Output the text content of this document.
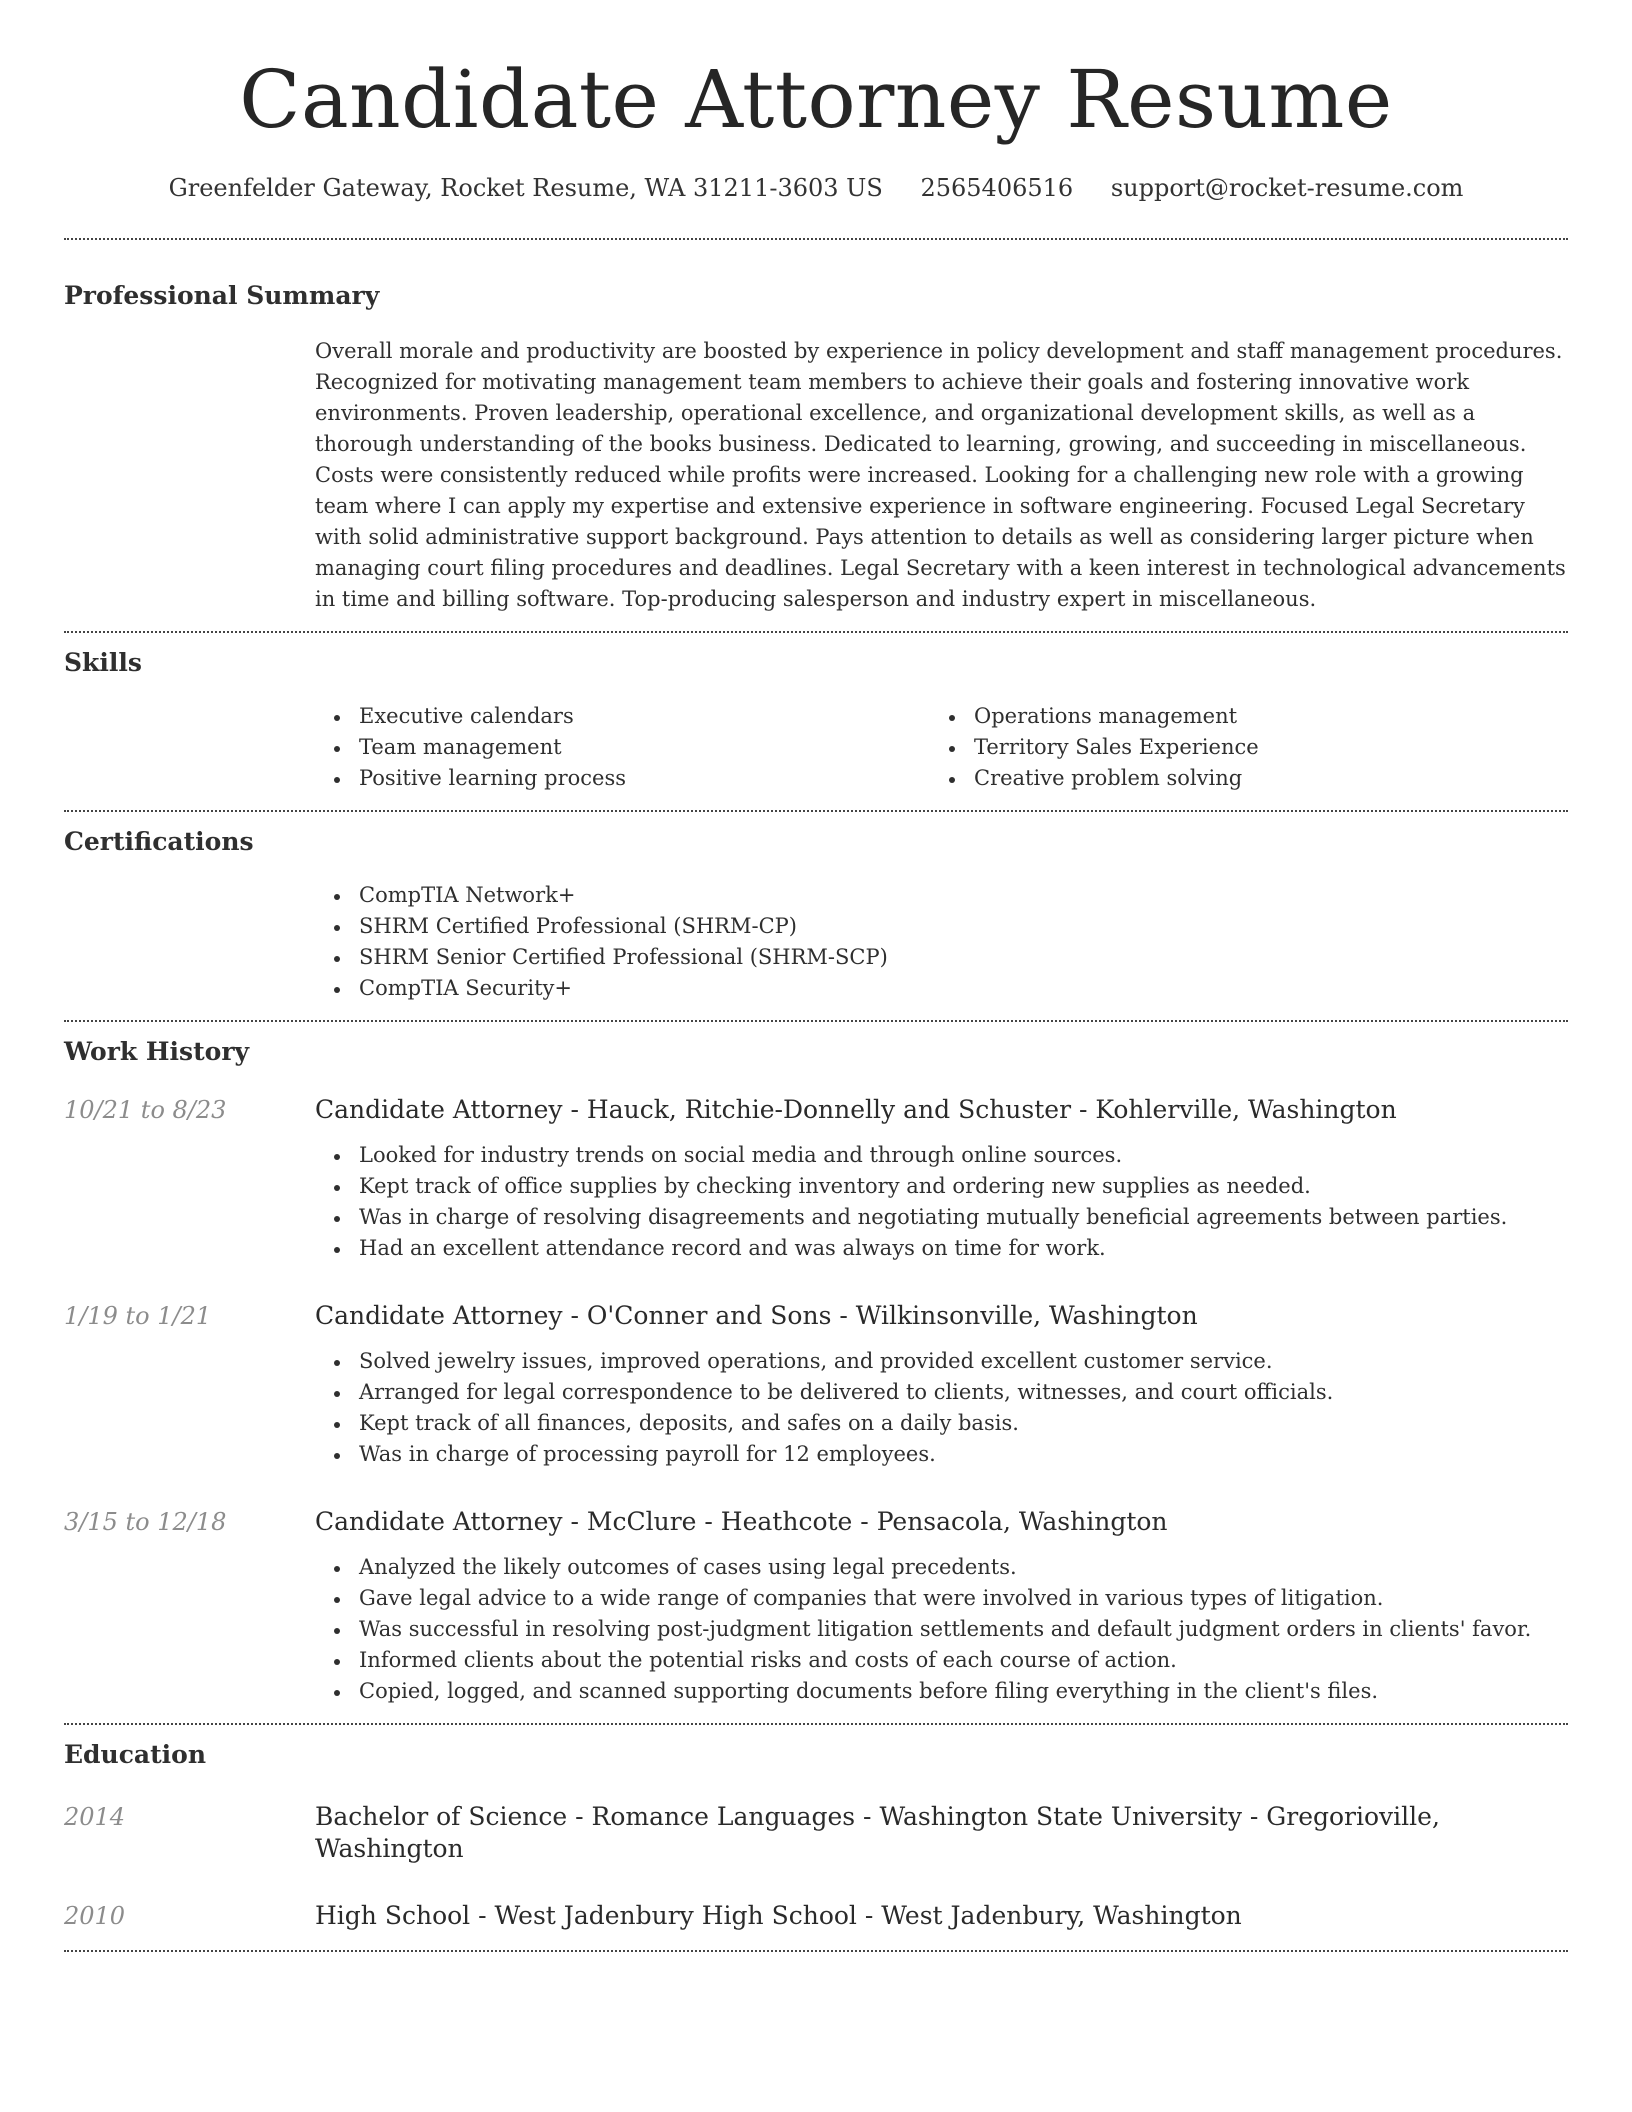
Candidate Attorney Resume
Greenfelder Gateway, Rocket Resume, WA 31211-3603 US 2565406516 support@rocket-resume.com
Professional Summary
Overall morale and productivity are boosted by experience in policy development and staff management procedures. Recognized for motivating management team members to achieve their goals and fostering innovative work environments. Proven leadership, operational excellence, and organizational development skills, as well as a thorough understanding of the books business. Dedicated to learning, growing, and succeeding in miscellaneous. Costs were consistently reduced while profits were increased. Looking for a challenging new role with a growing team where I can apply my expertise and extensive experience in software engineering. Focused Legal Secretary with solid administrative support background. Pays attention to details as well as considering larger picture when managing court filing procedures and deadlines. Legal Secretary with a keen interest in technological advancements in time and billing software. Top-producing salesperson and industry expert in miscellaneous.
Skills
Executive calendars
Team management
Positive learning process
Operations management
Territory Sales Experience
Creative problem solving
Certifications
CompTIA Network+
SHRM Certified Professional (SHRM-CP)
SHRM Senior Certified Professional (SHRM-SCP)
CompTIA Security+
Work History
10/21 to 8/23	Candidate Attorney - Hauck, Ritchie-Donnelly and Schuster - Kohlerville, Washington
Looked for industry trends on social media and through online sources.
Kept track of office supplies by checking inventory and ordering new supplies as needed.
Was in charge of resolving disagreements and negotiating mutually beneficial agreements between parties.
Had an excellent attendance record and was always on time for work.
1/19 to 1/21	Candidate Attorney - O'Conner and Sons - Wilkinsonville, Washington
Solved jewelry issues, improved operations, and provided excellent customer service.
Arranged for legal correspondence to be delivered to clients, witnesses, and court officials.
Kept track of all finances, deposits, and safes on a daily basis.
Was in charge of processing payroll for 12 employees.
3/15 to 12/18	Candidate Attorney - McClure - Heathcote - Pensacola, Washington
Analyzed the likely outcomes of cases using legal precedents.
Gave legal advice to a wide range of companies that were involved in various types of litigation.
Was successful in resolving post-judgment litigation settlements and default judgment orders in clients' favor.
Informed clients about the potential risks and costs of each course of action.
Copied, logged, and scanned supporting documents before filing everything in the client's files.
Education
2014	Bachelor of Science - Romance Languages - Washington State University - Gregorioville, Washington
2010	High School - West Jadenbury High School - West Jadenbury, Washington
